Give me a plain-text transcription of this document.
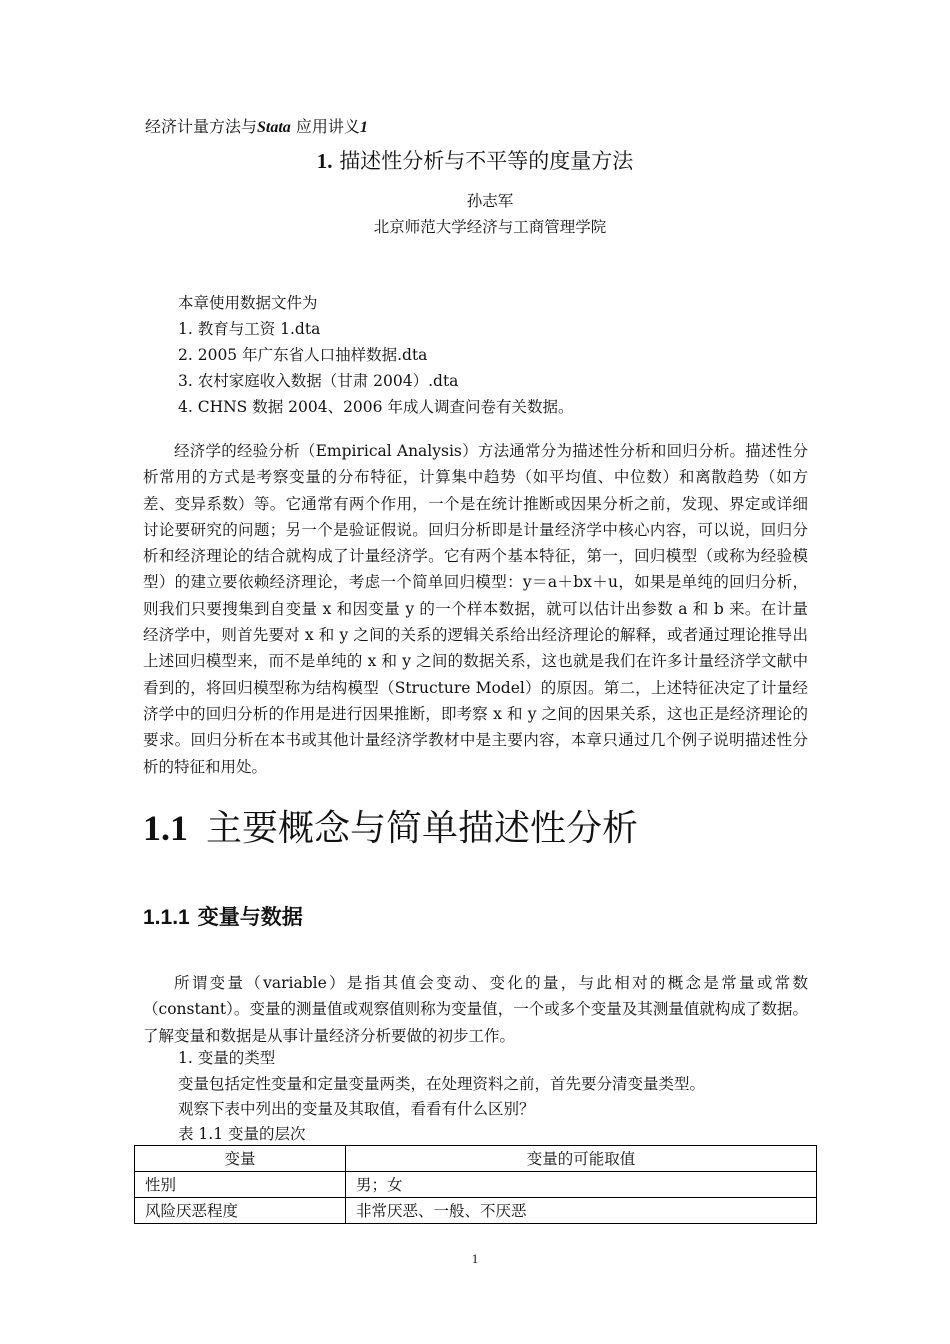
经济计量方法与Stata 应用讲义1
1. 描述性分析与不平等的度量方法
孙志军
北京师范大学经济与工商管理学院
本章使用数据文件为
1. 教育与工资 1.dta
2. 2005 年广东省人口抽样数据.dta
3. 农村家庭收入数据（甘肃 2004）.dta
4. CHNS 数据 2004、2006 年成人调查问卷有关数据。

经济学的经验分析（Empirical Analysis）方法通常分为描述性分析和回归分析。描述性分析常用的方式是考察变量的分布特征，计算集中趋势（如平均值、中位数）和离散趋势（如方差、变异系数）等。它通常有两个作用，一个是在统计推断或因果分析之前，发现、界定或详细讨论要研究的问题；另一个是验证假说。回归分析即是计量经济学中核心内容，可以说，回归分析和经济理论的结合就构成了计量经济学。它有两个基本特征，第一，回归模型（或称为经验模型）的建立要依赖经济理论，考虑一个简单回归模型：y＝a＋bx＋u，如果是单纯的回归分析，则我们只要搜集到自变量 x 和因变量 y 的一个样本数据，就可以估计出参数 a 和 b 来。在计量经济学中，则首先要对 x 和 y 之间的关系的逻辑关系给出经济理论的解释，或者通过理论推导出上述回归模型来，而不是单纯的 x 和 y 之间的数据关系，这也就是我们在许多计量经济学文献中看到的，将回归模型称为结构模型（Structure Model）的原因。第二，上述特征决定了计量经济学中的回归分析的作用是进行因果推断，即考察 x 和 y 之间的因果关系，这也正是经济理论的要求。回归分析在本书或其他计量经济学教材中是主要内容，本章只通过几个例子说明描述性分析的特征和用处。

1.1 主要概念与简单描述性分析
1.1.1 变量与数据

所谓变量（variable）是指其值会变动、变化的量，与此相对的概念是常量或常数（constant）。变量的测量值或观察值则称为变量值，一个或多个变量及其测量值就构成了数据。了解变量和数据是从事计量经济分析要做的初步工作。

1. 变量的类型
变量包括定性变量和定量变量两类，在处理资料之前，首先要分清变量类型。
观察下表中列出的变量及其取值，看看有什么区别？
表 1.1 变量的层次
变量	变量的可能取值
性别	男；女
风险厌恶程度	非常厌恶、一般、不厌恶
1
